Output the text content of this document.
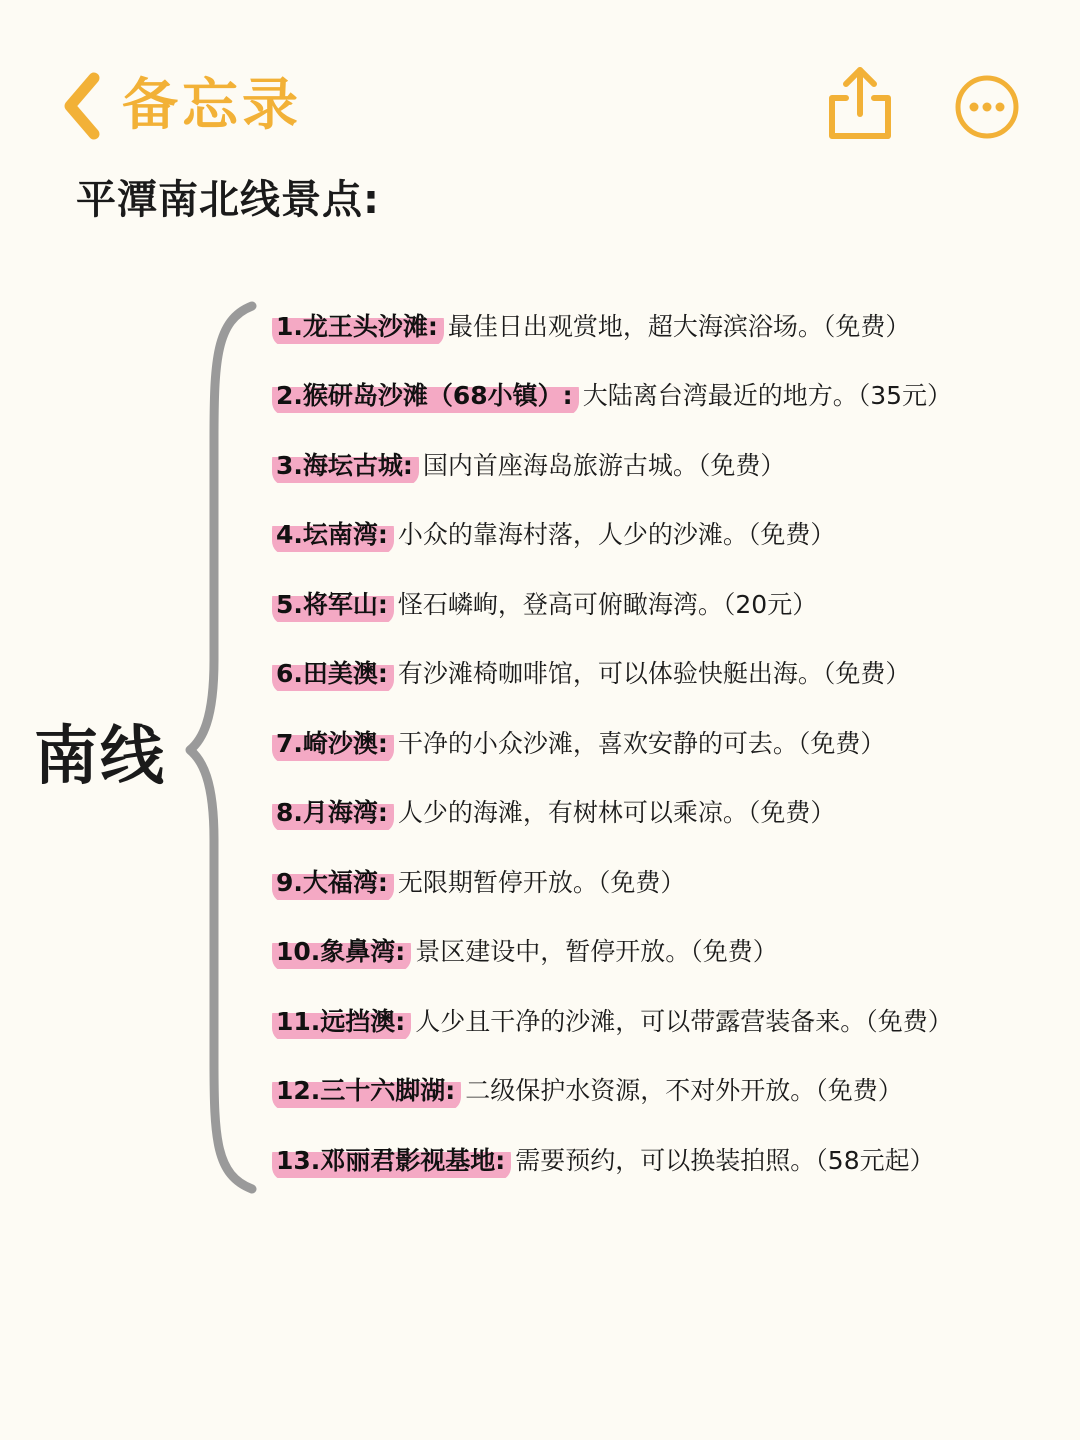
备忘录
平潭南北线景点:
南线
1.龙王头沙滩: 最佳日出观赏地，超大海滨浴场。（免费）
2.猴研岛沙滩（68小镇）: 大陆离台湾最近的地方。（35元）
3.海坛古城: 国内首座海岛旅游古城。（免费）
4.坛南湾: 小众的靠海村落，人少的沙滩。（免费）
5.将军山: 怪石嶙峋，登高可俯瞰海湾。（20元）
6.田美澳: 有沙滩椅咖啡馆，可以体验快艇出海。（免费）
7.崎沙澳: 干净的小众沙滩，喜欢安静的可去。（免费）
8.月海湾: 人少的海滩，有树林可以乘凉。（免费）
9.大福湾: 无限期暂停开放。（免费）
10.象鼻湾: 景区建设中，暂停开放。（免费）
11.远挡澳: 人少且干净的沙滩，可以带露营装备来。（免费）
12.三十六脚湖: 二级保护水资源，不对外开放。（免费）
13.邓丽君影视基地: 需要预约，可以换装拍照。（58元起）
